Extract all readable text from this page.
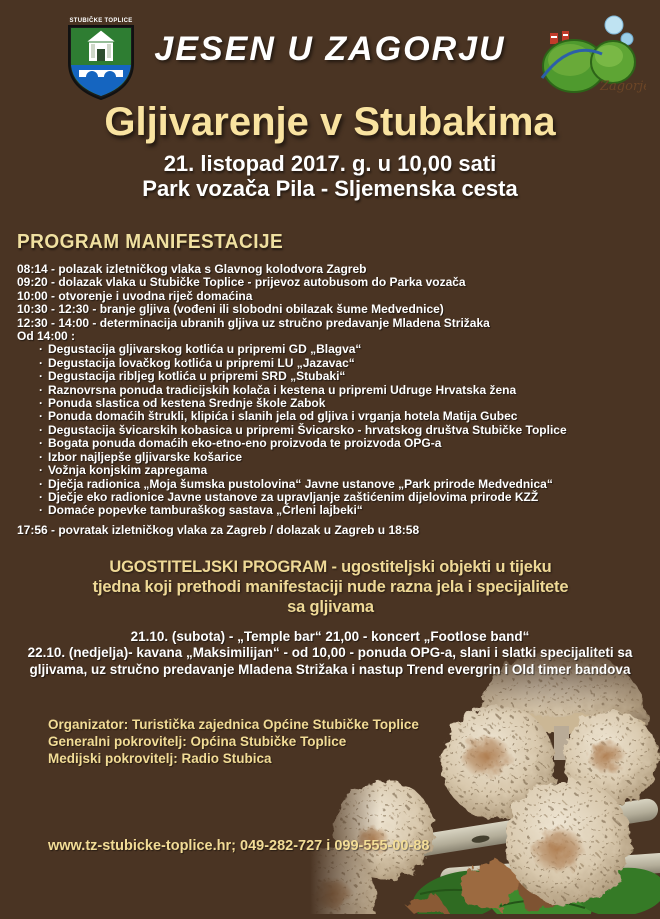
STUBIČKE TOPLICE
JESEN U ZAGORJU
Zagorje
Gljivarenje v Stubakima
21. listopad 2017. g. u 10,00 sati
Park vozača Pila - Sljemenska cesta
PROGRAM MANIFESTACIJE
08:14 - polazak izletničkog vlaka s Glavnog kolodvora Zagreb
09:20 - dolazak vlaka u Stubičke Toplice - prijevoz autobusom do Parka vozača
10:00 - otvorenje i uvodna riječ domaćina
10:30 - 12:30 - branje gljiva (vođeni ili slobodni obilazak šume Medvednice)
12:30 - 14:00 - determinacija ubranih gljiva uz stručno predavanje Mladena Strižaka
Od 14:00 :
· Degustacija gljivarskog kotlića u pripremi GD „Blagva“
· Degustacija lovačkog kotlića u pripremi LU „Jazavac“
· Degustacija ribljeg kotlića u pripremi SRD „Stubaki“
· Raznovrsna ponuda tradicijskih kolača i kestena u pripremi Udruge Hrvatska žena
· Ponuda slastica od kestena Srednje škole Zabok
· Ponuda domaćih štrukli, klipića i slanih jela od gljiva i vrganja hotela Matija Gubec
· Degustacija švicarskih kobasica u pripremi Švicarsko - hrvatskog društva Stubičke Toplice
· Bogata ponuda domaćih eko-etno-eno proizvoda te proizvoda OPG-a
· Izbor najljepše gljivarske košarice
· Vožnja konjskim zapregama
· Dječja radionica „Moja šumska pustolovina“ Javne ustanove „Park prirode Medvednica“
· Dječje eko radionice Javne ustanove za upravljanje zaštićenim dijelovima prirode KZŽ
· Domaće popevke tamburaškog sastava „Črleni lajbeki“
17:56 - povratak izletničkog vlaka za Zagreb / dolazak u Zagreb u 18:58
UGOSTITELJSKI PROGRAM - ugostiteljski objekti u tijeku tjedna koji prethodi manifestaciji nude razna jela i specijalitete sa gljivama
21.10. (subota) - „Temple bar“ 21,00 - koncert „Footlose band“
22.10. (nedjelja)- kavana „Maksimilijan“ - od 10,00 - ponuda OPG-a, slani i slatki specijaliteti sa gljivama, uz stručno predavanje Mladena Strižaka i nastup Trend evergrin i Old timer bandova
Organizator: Turistička zajednica Općine Stubičke Toplice
Generalni pokrovitelj: Općina Stubičke Toplice
Medijski pokrovitelj: Radio Stubica
www.tz-stubicke-toplice.hr; 049-282-727 i 099-555-00-88
